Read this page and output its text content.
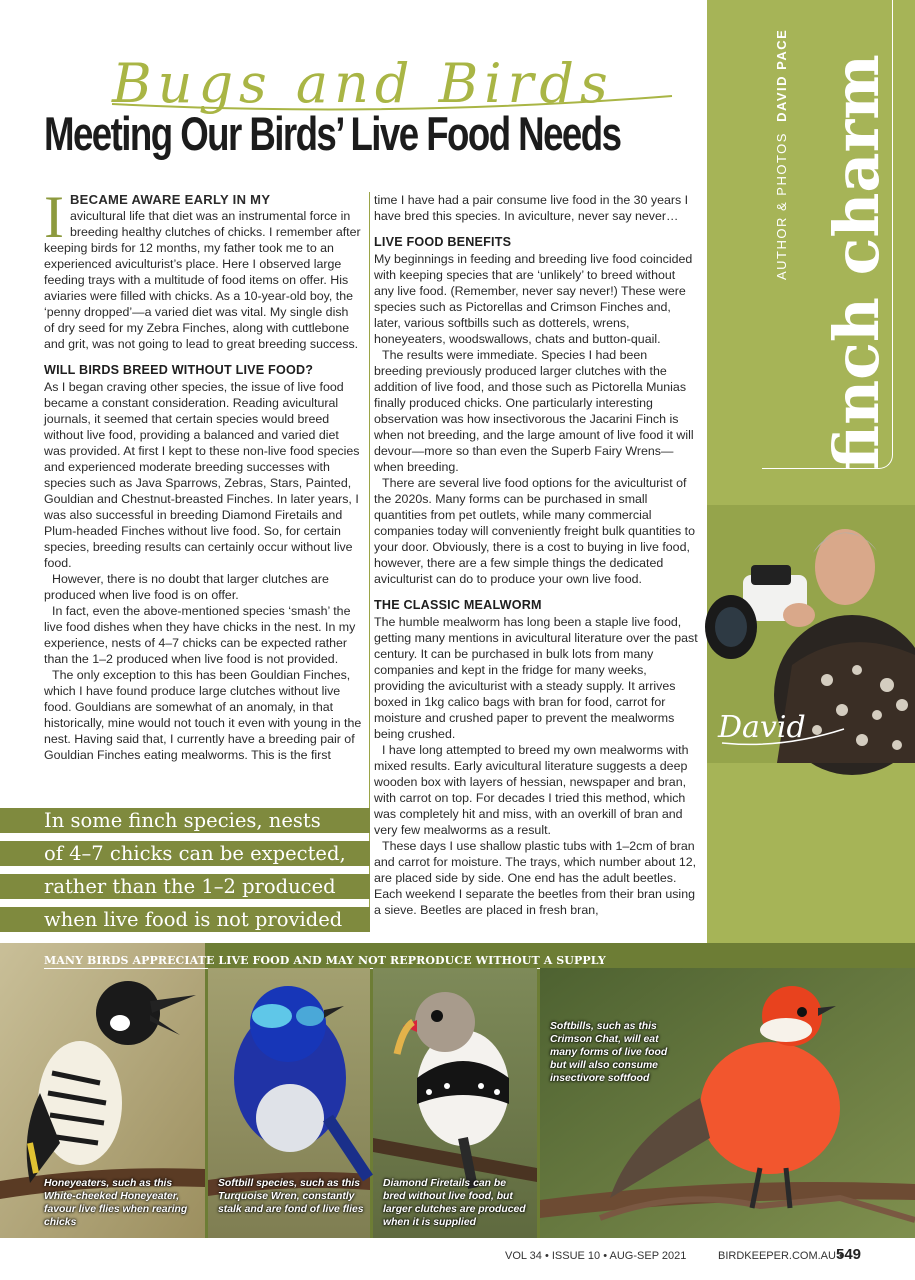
Bugs and Birds
Meeting Our Birds’ Live Food Needs	AUTHOR & PHOTOS DAVID PACE finch charm
David

IBECAME AWARE EARLY IN MY
avicultural life that diet was an instrumental force in breeding healthy clutches of chicks. I remember after keeping birds for 12 months, my father took me to an experienced aviculturist’s place. Here I observed large feeding trays with a multitude of food items on offer. His aviaries were filled with chicks. As a 10-year-old boy, the ‘penny dropped’—a varied diet was vital. My single dish of dry seed for my Zebra Finches, along with cuttlebone and grit, was not going to lead to great breeding success.

WILL BIRDS BREED WITHOUT LIVE FOOD?

As I began craving other species, the issue of live food became a constant consideration. Reading avicultural journals, it seemed that certain species would breed without live food, providing a balanced and varied diet was provided. At first I kept to these non-live food species and experienced moderate breeding successes with species such as Java Sparrows, Zebras, Stars, Painted, Gouldian and Chestnut-breasted Finches. In later years, I was also successful in breeding Diamond Firetails and Plum-headed Finches without live food. So, for certain species, breeding results can certainly occur without live food.

However, there is no doubt that larger clutches are produced when live food is on offer.

In fact, even the above-mentioned species ‘smash’ the live food dishes when they have chicks in the nest. In my experience, nests of 4–7 chicks can be expected rather than the 1–2 produced when live food is not provided.

The only exception to this has been Gouldian Finches, which I have found produce large clutches without live food. Gouldians are somewhat of an anomaly, in that historically, mine would not touch it even with young in the nest. Having said that, I currently have a breeding pair of Gouldian Finches eating mealworms. This is the first

time I have had a pair consume live food in the 30 years I have bred this species. In aviculture, never say never…

LIVE FOOD BENEFITS

My beginnings in feeding and breeding live food coincided with keeping species that are ‘unlikely’ to breed without any live food. (Remember, never say never!) These were species such as Pictorellas and Crimson Finches and, later, various softbills such as dotterels, wrens, honeyeaters, woodswallows, chats and button-quail.

The results were immediate. Species I had been breeding previously produced larger clutches with the addition of live food, and those such as Pictorella Munias finally produced chicks. One particularly interesting observation was how insectivorous the Jacarini Finch is when not breeding, and the large amount of live food it will devour—more so than even the Superb Fairy Wrens—when breeding.

There are several live food options for the aviculturist of the 2020s. Many forms can be purchased in small quantities from pet outlets, while many commercial companies today will conveniently freight bulk quantities to your door. Obviously, there is a cost to buying in live food, however, there are a few simple things the dedicated aviculturist can do to produce your own live food.

THE CLASSIC MEALWORM

The humble mealworm has long been a staple live food, getting many mentions in avicultural literature over the past century. It can be purchased in bulk lots from many companies and kept in the fridge for many weeks, providing the aviculturist with a steady supply. It arrives boxed in 1kg calico bags with bran for food, carrot for moisture and crushed paper to prevent the mealworms being crushed.

I have long attempted to breed my own mealworms with mixed results. Early avicultural literature suggests a deep wooden box with layers of hessian, newspaper and bran, with carrot on top. For decades I tried this method, which was completely hit and miss, with an overkill of bran and very few mealworms as a result.

These days I use shallow plastic tubs with 1–2cm of bran and carrot for moisture. The trays, which number about 12, are placed side by side. One end has the adult beetles. Each weekend I separate the beetles from their bran using a sieve. Beetles are placed in fresh bran,

In some finch species, nests
of 4–7 chicks can be expected,
rather than the 1–2 produced
when live food is not provided
MANY BIRDS APPRECIATE LIVE FOOD AND MAY NOT REPRODUCE WITHOUT A SUPPLY
Honeyeaters, such as this White-cheeked Honeyeater, favour live flies when rearing chicks
Softbill species, such as this Turquoise Wren, constantly stalk and are fond of live flies
Diamond Firetails can be bred without live food, but larger clutches are produced when it is supplied
Softbills, such as this Crimson Chat, will eat many forms of live food but will also consume insectivore softfood
VOL 34 • ISSUE 10 • AUG-SEP 2021	BIRDKEEPER.COM.AU •
549
